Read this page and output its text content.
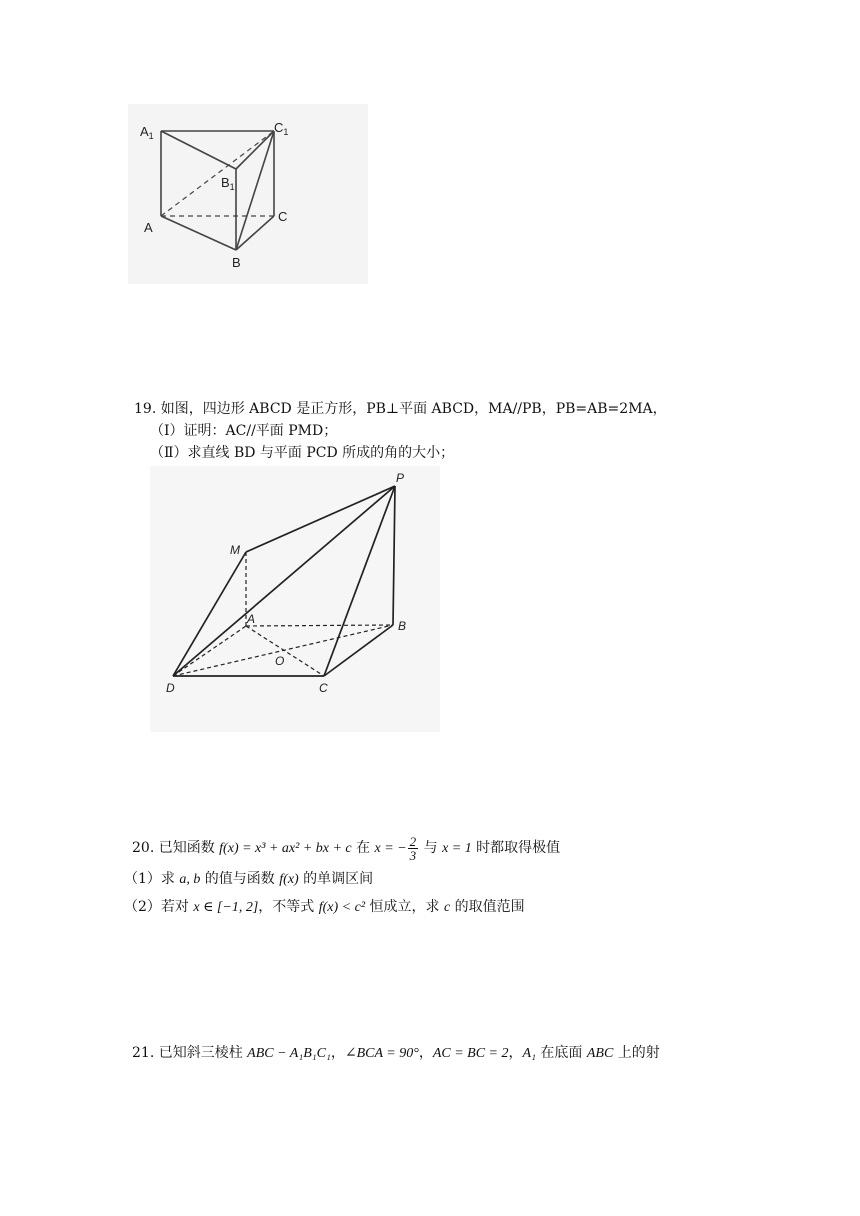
$A_1$
$C_1$
$B_1$
A
C
B
19. 如图，四边形 ABCD 是正方形，PB⊥平面 ABCD，MA//PB，PB=AB=2MA，
（Ⅰ）证明：AC//平面 PMD；
（Ⅱ）求直线 BD 与平面 PCD 所成的角的大小；
P
M
A	B
O
D	C
20. 已知函数 f(x) = x³ + ax² + bx + c 在 x = − $\frac{2}{3}$ 与 x = 1 时都取得极值
（1）求 a, b 的值与函数 f(x) 的单调区间
（2）若对 x ∈ [−1, 2]，不等式 f(x) < c² 恒成立，求 c 的取值范围
21. 已知斜三棱柱 ABC − A₁B₁C₁，∠BCA = 90°，AC = BC = 2，A₁ 在底面 ABC 上的射
